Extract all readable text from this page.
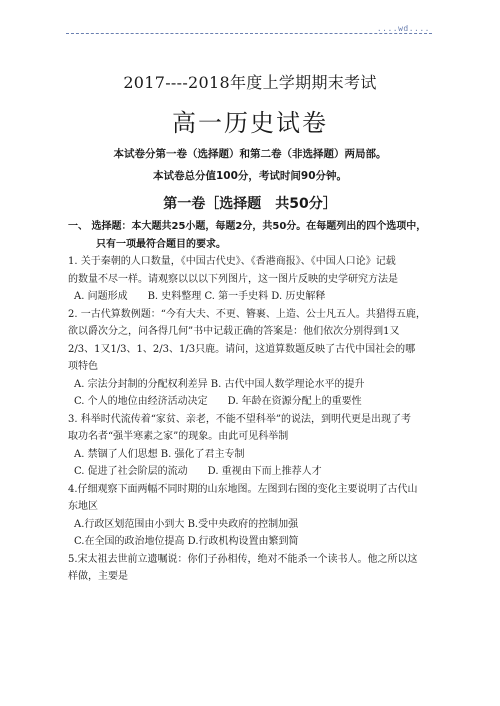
....wd....
2017----2018年度上学期期末考试
高一历史试卷
本试卷分第一卷（选择题）和第二卷（非选择题）两局部。
本试卷总分值100分，考试时间90分钟。
第一卷［选择题　共50分］

一、 选择题：本大题共25小题，每题2分，共50分。在每题列出的四个选项中，

只有一项最符合题目的要求。

1. 关于秦朝的人口数量，《中国古代史》、《香港商报》、《中国人口论》记载

的数量不尽一样。请观察以以以下列图片，这一图片反映的史学研究方法是

A. 问题形成　　B. 史料整理 C. 第一手史料 D. 历史解释

2. 一古代算数例题：“今有大夫、不更、簪裹、上造、公士凡五人。共猎得五鹿，

欲以爵次分之，问各得几何”书中记载正确的答案是：他们依次分别得到1又

2/3、1又1/3、1、2/3、1/3只鹿。请问，这道算数题反映了古代中国社会的哪

项特色

A. 宗法分封制的分配权利差异 B. 古代中国人数学理论水平的提升

C. 个人的地位由经济活动决定　　D. 年龄在资源分配上的重要性

3. 科举时代流传着“家贫、亲老，不能不望科举”的说法，到明代更是出现了考

取功名者“强半寒素之家”的现象。由此可见科举制

A. 禁锢了人们思想 B. 强化了君主专制

C. 促进了社会阶层的流动　　D. 重视由下而上推荐人才

4.仔细观察下面两幅不同时期的山东地图。左图到右图的变化主要说明了古代山

东地区

A.行政区划范围由小到大 B.受中央政府的控制加强

C.在全国的政治地位提高 D.行政机构设置由繁到简

5.宋太祖去世前立遗嘱说：你们子孙相传，绝对不能杀一个读书人。他之所以这

样做，主要是
